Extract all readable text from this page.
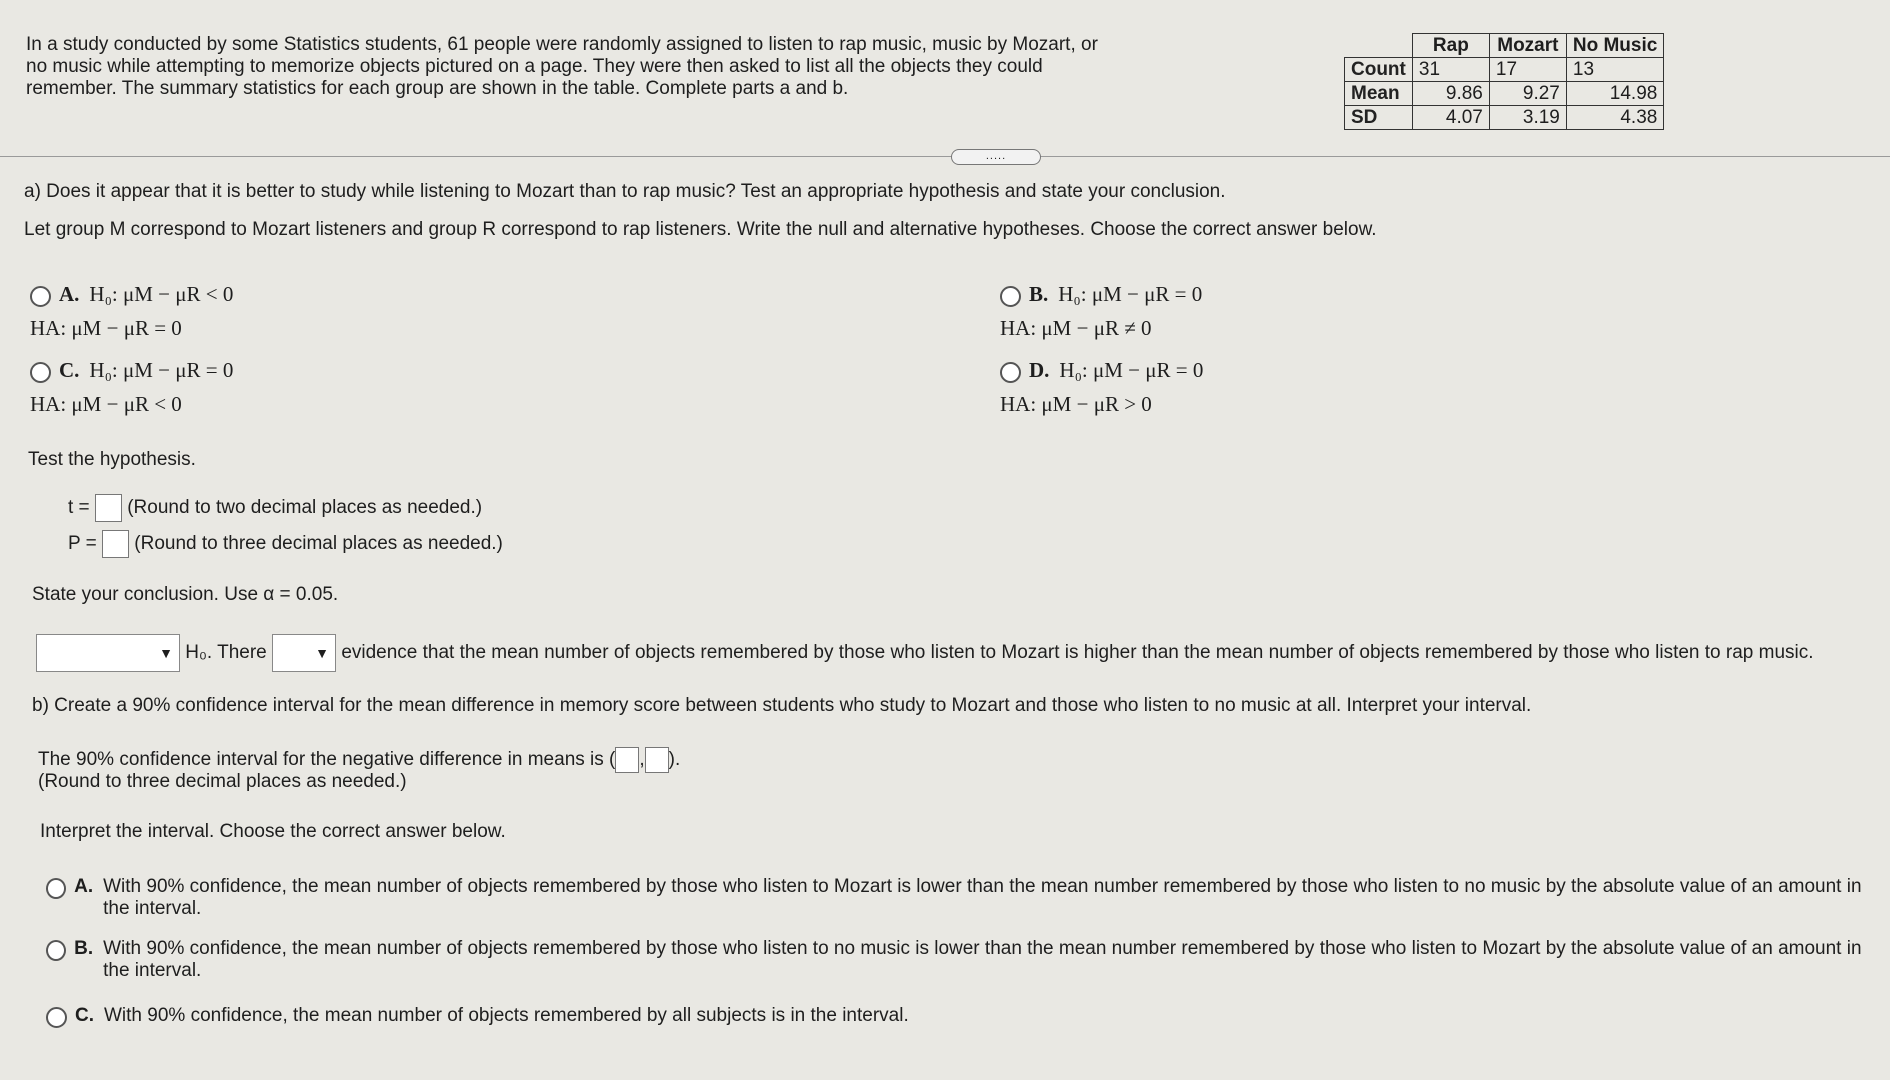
In a study conducted by some Statistics students, 61 people were randomly assigned to listen to rap music, music by Mozart, or no music while attempting to memorize objects pictured on a page. They were then asked to list all the objects they could remember. The summary statistics for each group are shown in the table. Complete parts a and b.
	Rap	Mozart	No Music
Count	31	17	13
Mean	9.86	9.27	14.98
SD	4.07	3.19	4.38
.....
a) Does it appear that it is better to study while listening to Mozart than to rap music? Test an appropriate hypothesis and state your conclusion.
Let group M correspond to Mozart listeners and group R correspond to rap listeners. Write the null and alternative hypotheses. Choose the correct answer below.
A. H₀: μM − μR < 0
HA: μM − μR = 0
B. H₀: μM − μR = 0
HA: μM − μR ≠ 0
C. H₀: μM − μR = 0
HA: μM − μR < 0
D. H₀: μM − μR = 0
HA: μM − μR > 0
Test the hypothesis.
t = (Round to two decimal places as needed.)
P = (Round to three decimal places as needed.)
State your conclusion. Use α = 0.05.
▼ H₀. There	▼ evidence that the mean number of objects remembered by those who listen to Mozart is higher than the mean number of objects remembered by those who listen to rap music.
b) Create a 90% confidence interval for the mean difference in memory score between students who study to Mozart and those who listen to no music at all. Interpret your interval.
The 90% confidence interval for the negative difference in means is ( , ).
(Round to three decimal places as needed.)
Interpret the interval. Choose the correct answer below.
A. With 90% confidence, the mean number of objects remembered by those who listen to Mozart is lower than the mean number remembered by those who listen to no music by the absolute value of an amount in the interval.
B. With 90% confidence, the mean number of objects remembered by those who listen to no music is lower than the mean number remembered by those who listen to Mozart by the absolute value of an amount in the interval.
C. With 90% confidence, the mean number of objects remembered by all subjects is in the interval.
